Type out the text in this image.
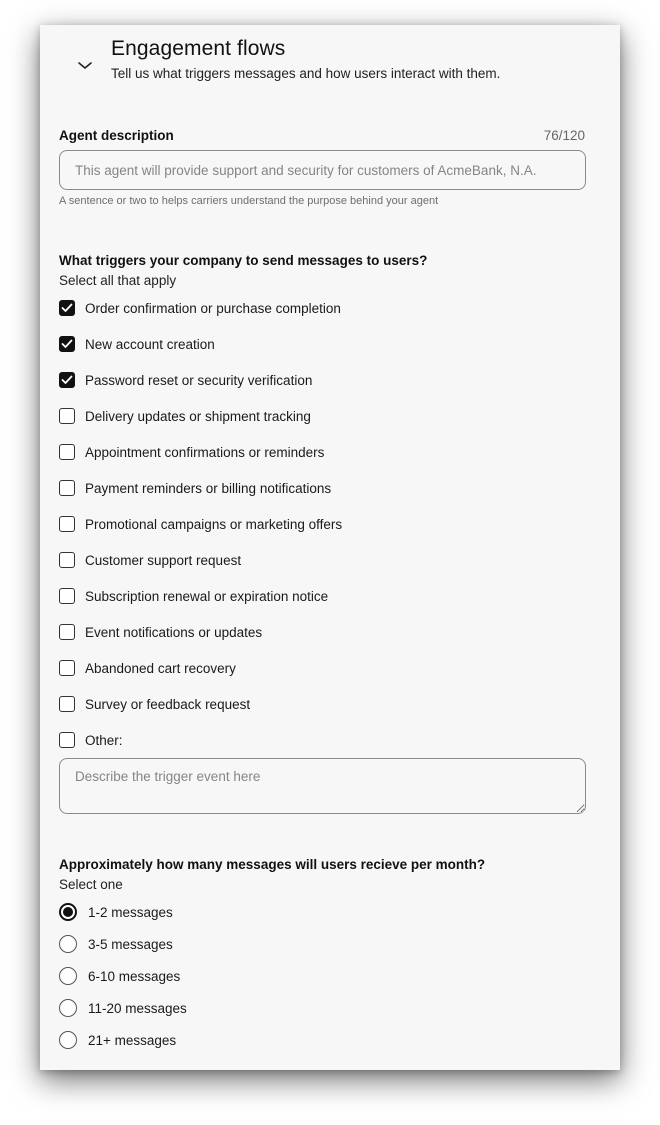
Engagement flows
Tell us what triggers messages and how users interact with them.
Agent description	76/120
This agent will provide support and security for customers of AcmeBank, N.A.
A sentence or two to helps carriers understand the purpose behind your agent
What triggers your company to send messages to users?
Select all that apply
Order confirmation or purchase completion
New account creation
Password reset or security verification
Delivery updates or shipment tracking
Appointment confirmations or reminders
Payment reminders or billing notifications
Promotional campaigns or marketing offers
Customer support request
Subscription renewal or expiration notice
Event notifications or updates
Abandoned cart recovery
Survey or feedback request
Other:
Describe the trigger event here
Approximately how many messages will users recieve per month?
Select one
1-2 messages
3-5 messages
6-10 messages
11-20 messages
21+ messages
